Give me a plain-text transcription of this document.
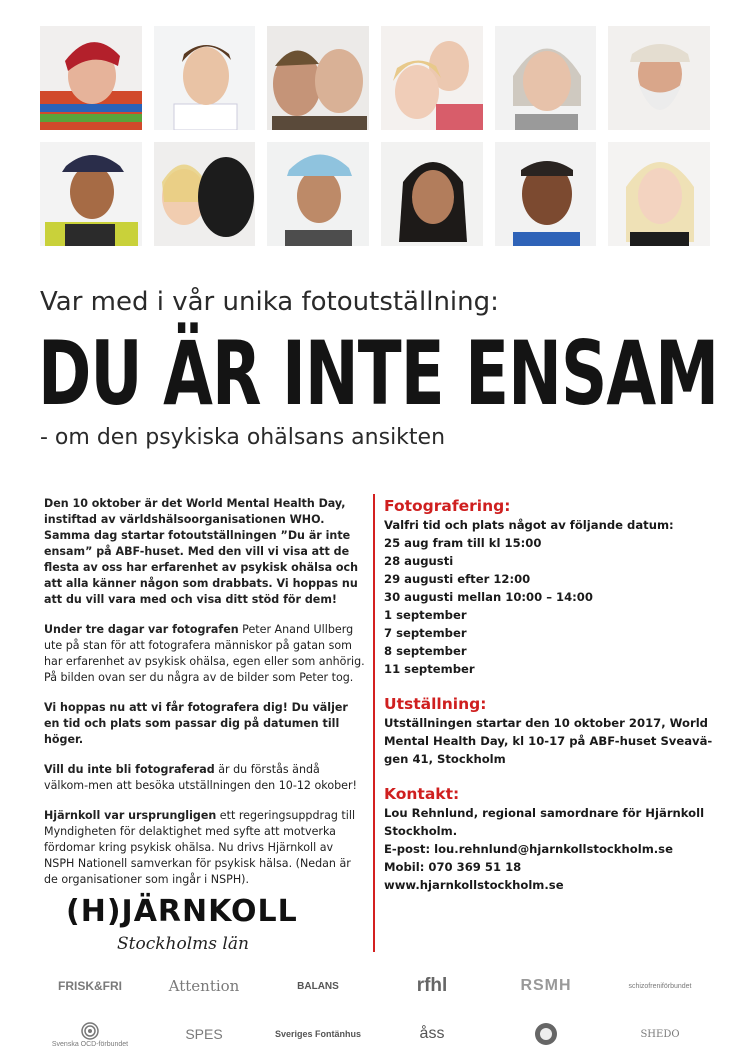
Var med i vår unika fotoutställning:
DU ÄR INTE ENSAM
- om den psykiska ohälsans ansikten

Den 10 oktober är det World Mental Health Day, instiftad av världshälsoorganisationen WHO. Samma dag startar fotoutställningen ”Du är inte ensam” på ABF-huset. Med den vill vi visa att de flesta av oss har erfarenhet av psykisk ohälsa och att alla känner någon som drabbats. Vi hoppas nu att du vill vara med och visa ditt stöd för dem!

Under tre dagar var fotografen Peter Anand Ullberg ute på stan för att fotografera människor på gatan som har erfarenhet av psykisk ohälsa, egen eller som anhörig. På bilden ovan ser du några av de bilder som Peter tog.

Vi hoppas nu att vi får fotografera dig! Du väljer en tid och plats som passar dig på datumen till höger.

Vill du inte bli fotograferad är du förstås ändå välkom-men att besöka utställningen den 10-12 okober!

Hjärnkoll var ursprungligen ett regeringsuppdrag till Myndigheten för delaktighet med syfte att motverka fördomar kring psykisk ohälsa. Nu drivs Hjärnkoll av NSPH Nationell samverkan för psykisk hälsa. (Nedan är de organisationer som ingår i NSPH).

Fotografering:
Valfri tid och plats något av följande datum:
25 aug fram till kl 15:00
28 augusti
29 augusti efter 12:00
30 augusti mellan 10:00 – 14:00
1 september
7 september
8 september
11 september
Utställning:
Utställningen startar den 10 oktober 2017, World Mental Health Day, kl 10-17 på ABF-huset Sveavä-gen 41, Stockholm
Kontakt:
Lou Rehnlund, regional samordnare för Hjärnkoll Stockholm.
E-post: lou.rehnlund@hjarnkollstockholm.se
Mobil: 070 369 51 18
www.hjarnkollstockholm.se
(H)JÄRNKOLL
Stockholms län
FRISK&FRI	Attention	BALANS	rfhl	RSMH	schizofreniförbundet
Svenska OCD-förbundet
SPES	Sveriges Fontänhus	åss	SHEDO
